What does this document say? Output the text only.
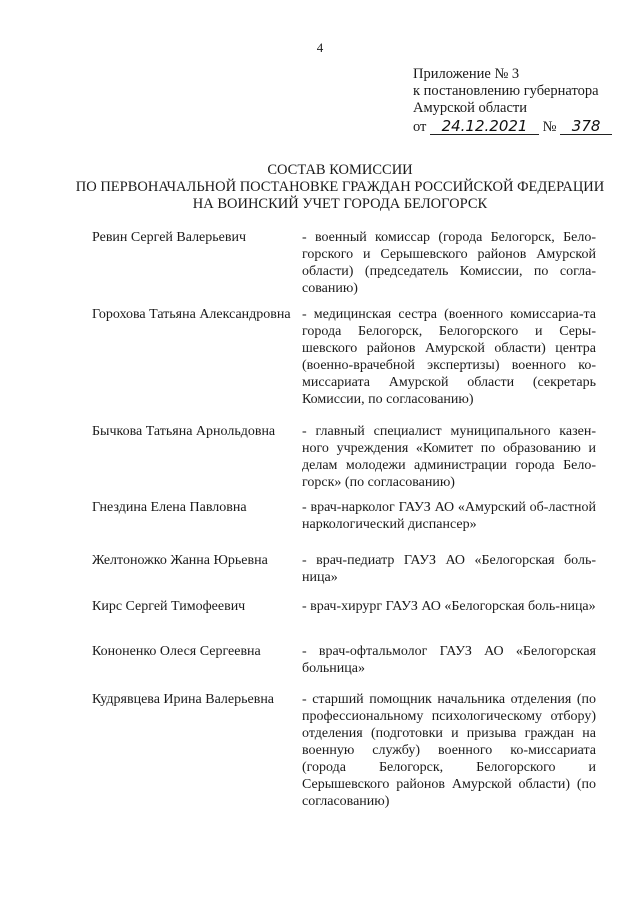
4
Приложение № 3
к постановлению губернатора
Амурской области
от 24.12.2021 № 378
СОСТАВ КОМИССИИ
ПО ПЕРВОНАЧАЛЬНОЙ ПОСТАНОВКЕ ГРАЖДАН РОССИЙСКОЙ ФЕДЕРАЦИИ
НА ВОИНСКИЙ УЧЕТ ГОРОДА БЕЛОГОРСК
Ревин Сергей Валерьевич	- военный комиссар (города Белогорск, Бело-горского и Серышевского районов Амурской области) (председатель Комиссии, по согла-сованию)
Горохова Татьяна Александровна - медицинская сестра (военного комиссариа-та города Белогорск, Белогорского и Серы-шевского районов Амурской области) центра (военно-врачебной экспертизы) военного ко-миссариата Амурской области (секретарь Комиссии, по согласованию)
Бычкова Татьяна Арнольдовна	- главный специалист муниципального казен-ного учреждения «Комитет по образованию и делам молодежи администрации города Бело-горск» (по согласованию)
Гнездина Елена Павловна	- врач-нарколог ГАУЗ АО «Амурский об-ластной наркологический диспансер»
Желтоножко Жанна Юрьевна	- врач-педиатр ГАУЗ АО «Белогорская боль-ница»
Кирс Сергей Тимофеевич	- врач-хирург ГАУЗ АО «Белогорская боль-ница»
Кононенко Олеся Сергеевна	- врач-офтальмолог ГАУЗ АО «Белогорская больница»
Кудрявцева Ирина Валерьевна	- старший помощник начальника отделения (по профессиональному психологическому отбору) отделения (подготовки и призыва граждан на военную службу) военного ко-миссариата (города Белогорск, Белогорского и Серышевского районов Амурской области) (по согласованию)
